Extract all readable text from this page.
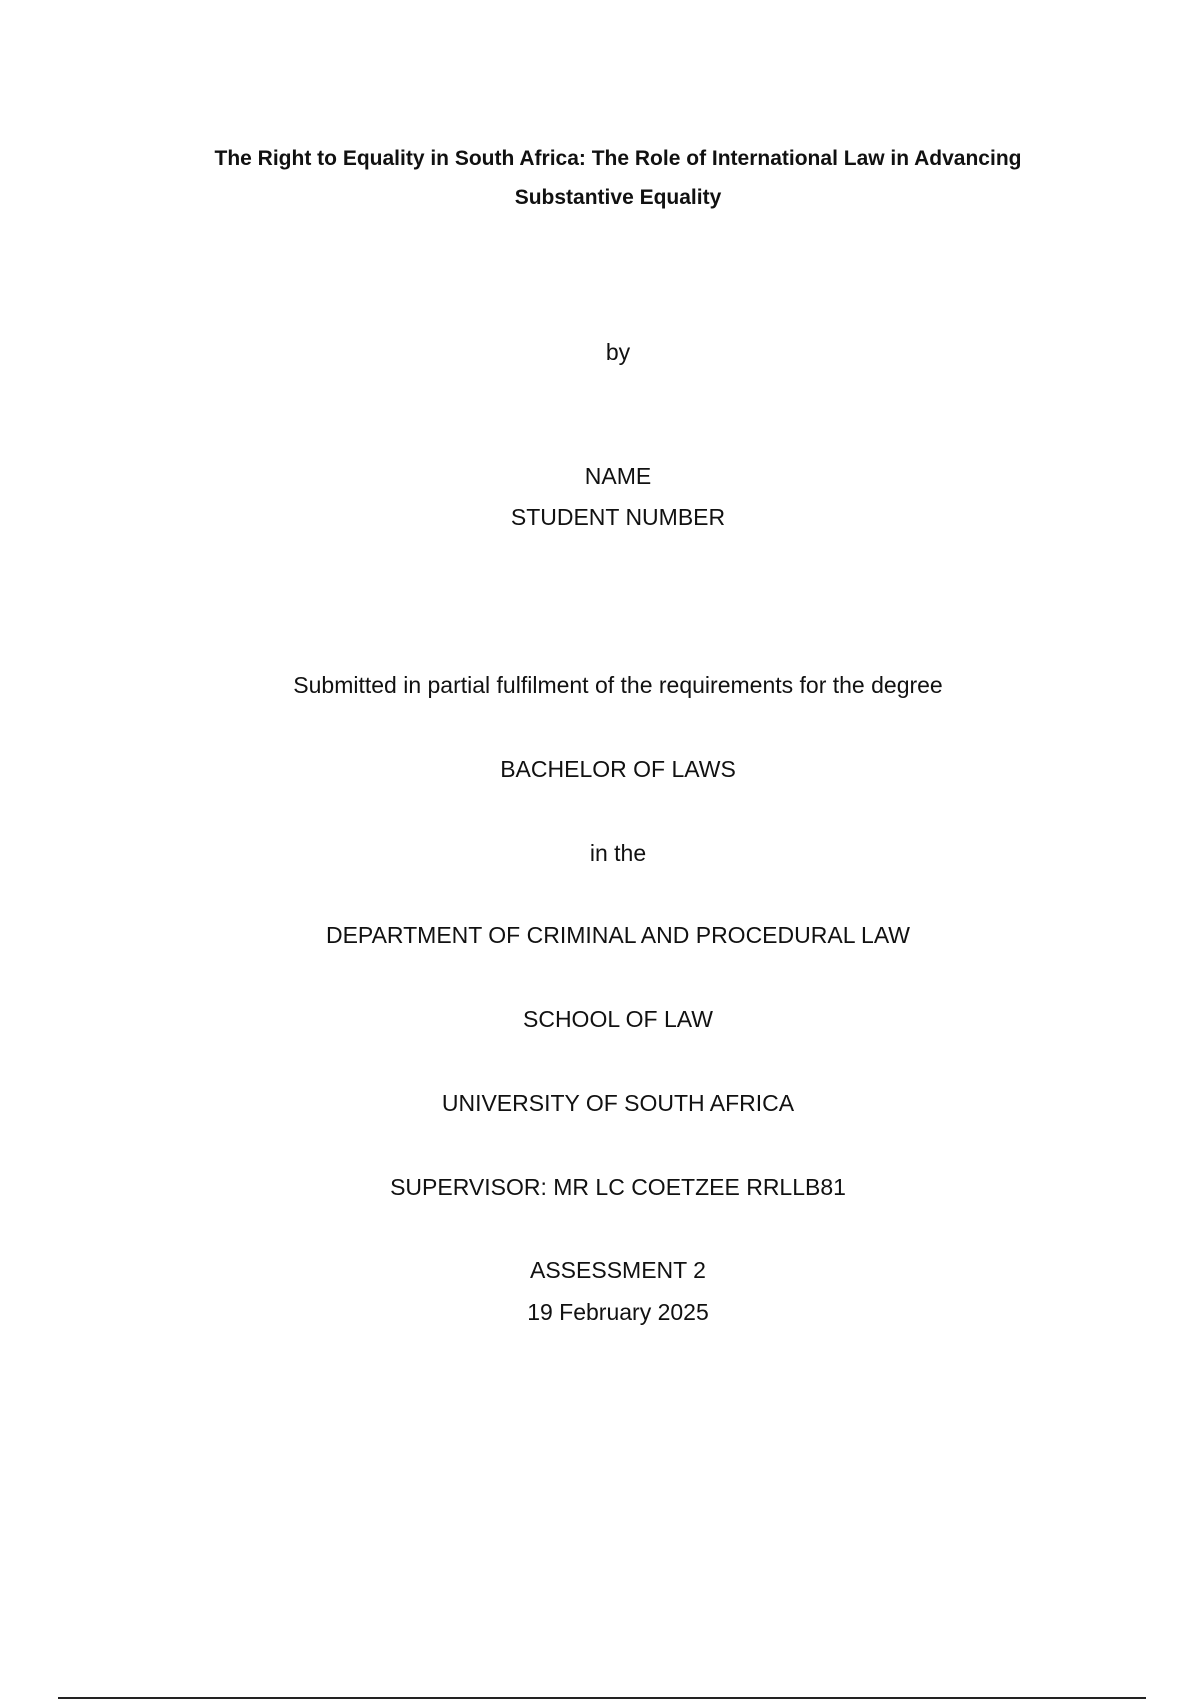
The Right to Equality in South Africa: The Role of International Law in Advancing
Substantive Equality
by
NAME
STUDENT NUMBER
Submitted in partial fulfilment of the requirements for the degree
BACHELOR OF LAWS
in the
DEPARTMENT OF CRIMINAL AND PROCEDURAL LAW
SCHOOL OF LAW
UNIVERSITY OF SOUTH AFRICA
SUPERVISOR: MR LC COETZEE RRLLB81
ASSESSMENT 2
19 February 2025
